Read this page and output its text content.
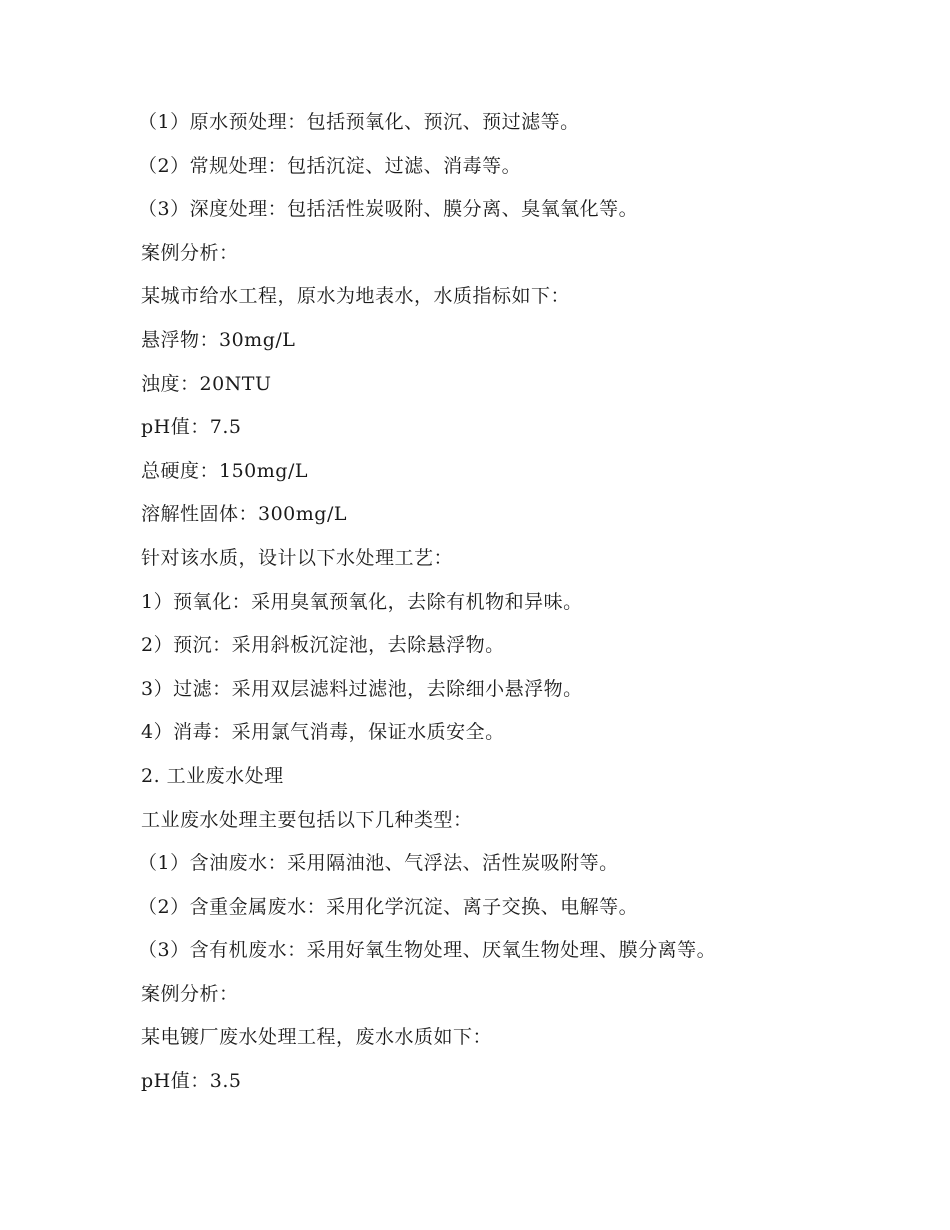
（1）原水预处理：包括预氧化、预沉、预过滤等。
（2）常规处理：包括沉淀、过滤、消毒等。
（3）深度处理：包括活性炭吸附、膜分离、臭氧氧化等。
案例分析：
某城市给水工程，原水为地表水，水质指标如下：
悬浮物：30mg/L
浊度：20NTU
pH值：7.5
总硬度：150mg/L
溶解性固体：300mg/L
针对该水质，设计以下水处理工艺：
1）预氧化：采用臭氧预氧化，去除有机物和异味。
2）预沉：采用斜板沉淀池，去除悬浮物。
3）过滤：采用双层滤料过滤池，去除细小悬浮物。
4）消毒：采用氯气消毒，保证水质安全。
2. 工业废水处理
工业废水处理主要包括以下几种类型：
（1）含油废水：采用隔油池、气浮法、活性炭吸附等。
（2）含重金属废水：采用化学沉淀、离子交换、电解等。
（3）含有机废水：采用好氧生物处理、厌氧生物处理、膜分离等。
案例分析：
某电镀厂废水处理工程，废水水质如下：
pH值：3.5
